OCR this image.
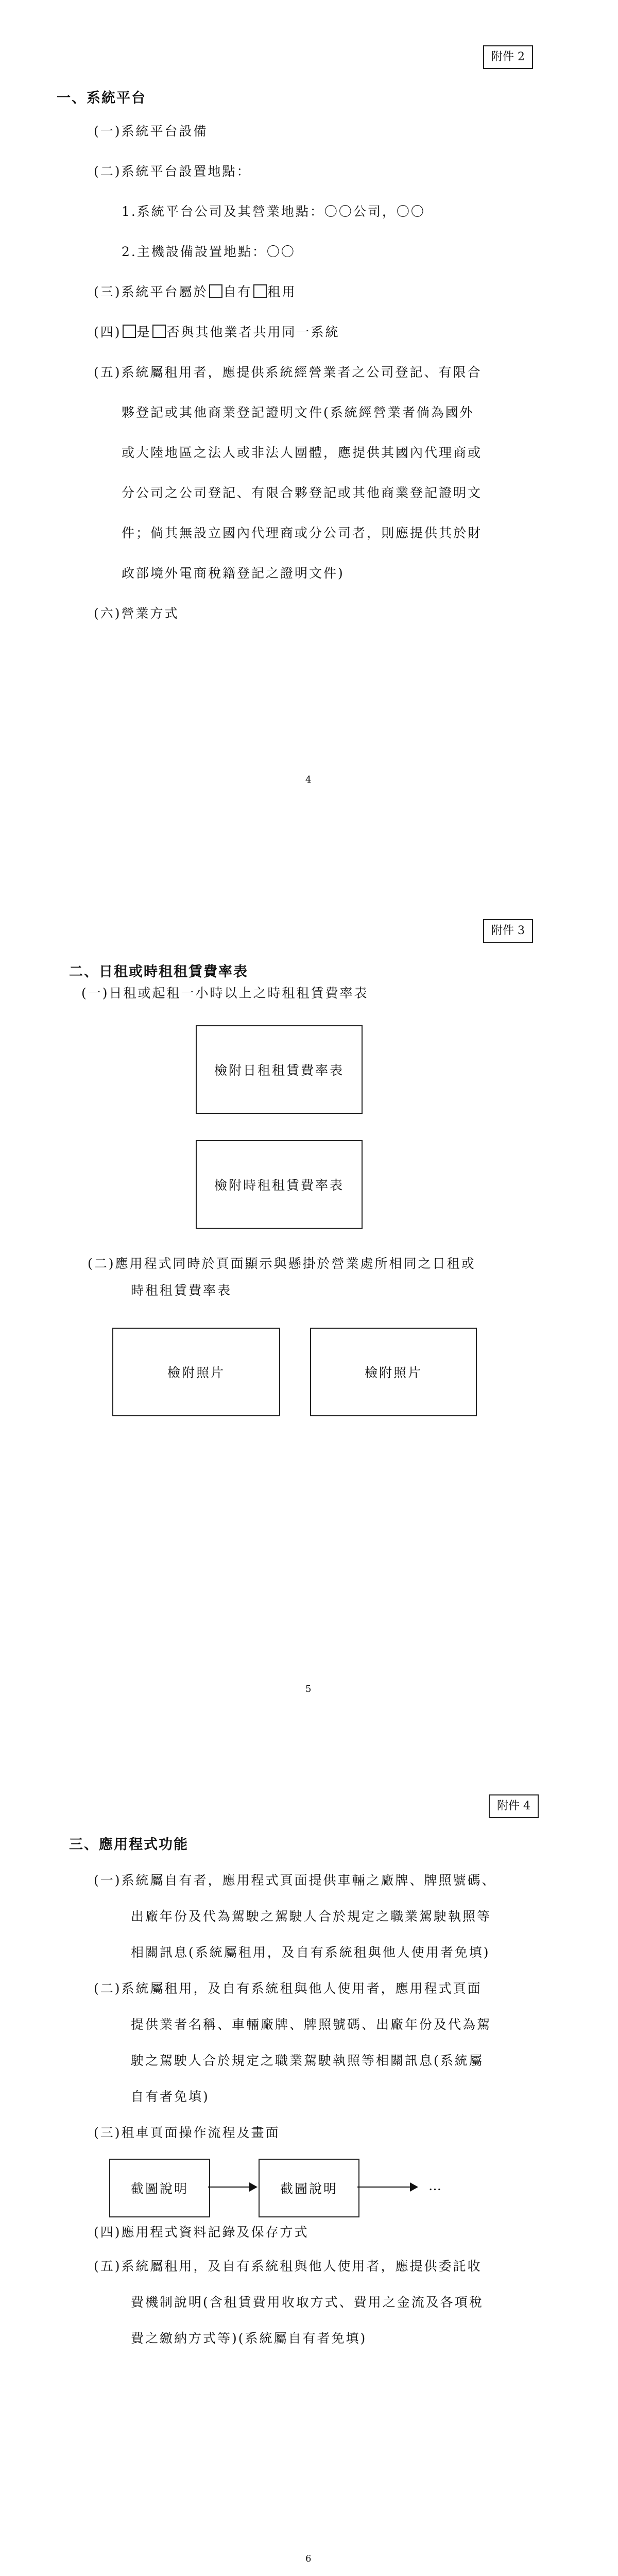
附件 2
一、系統平台
(一)系統平台設備
(二)系統平台設置地點：
1.系統平台公司及其營業地點：〇〇公司，〇〇
2.主機設備設置地點：〇〇
(三)系統平台屬於 自有 租用
(四) 是 否與其他業者共用同一系統
(五)系統屬租用者，應提供系統經營業者之公司登記、有限合
夥登記或其他商業登記證明文件(系統經營業者倘為國外
或大陸地區之法人或非法人團體，應提供其國內代理商或
分公司之公司登記、有限合夥登記或其他商業登記證明文
件；倘其無設立國內代理商或分公司者，則應提供其於財
政部境外電商稅籍登記之證明文件)
(六)營業方式
4
附件 3
二、日租或時租租賃費率表
(一)日租或起租一小時以上之時租租賃費率表
檢附日租租賃費率表
檢附時租租賃費率表
(二)應用程式同時於頁面顯示與懸掛於營業處所相同之日租或
時租租賃費率表
檢附照片	檢附照片
5
附件 4
三、應用程式功能
(一)系統屬自有者，應用程式頁面提供車輛之廠牌、牌照號碼、
出廠年份及代為駕駛之駕駛人合於規定之職業駕駛執照等
相關訊息(系統屬租用，及自有系統租與他人使用者免填)
(二)系統屬租用，及自有系統租與他人使用者，應用程式頁面
提供業者名稱、車輛廠牌、牌照號碼、出廠年份及代為駕
駛之駕駛人合於規定之職業駕駛執照等相關訊息(系統屬
自有者免填)
(三)租車頁面操作流程及畫面
截圖說明	截圖說明	…
(四)應用程式資料記錄及保存方式
(五)系統屬租用，及自有系統租與他人使用者，應提供委託收
費機制說明(含租賃費用收取方式、費用之金流及各項稅
費之繳納方式等)(系統屬自有者免填)
6
